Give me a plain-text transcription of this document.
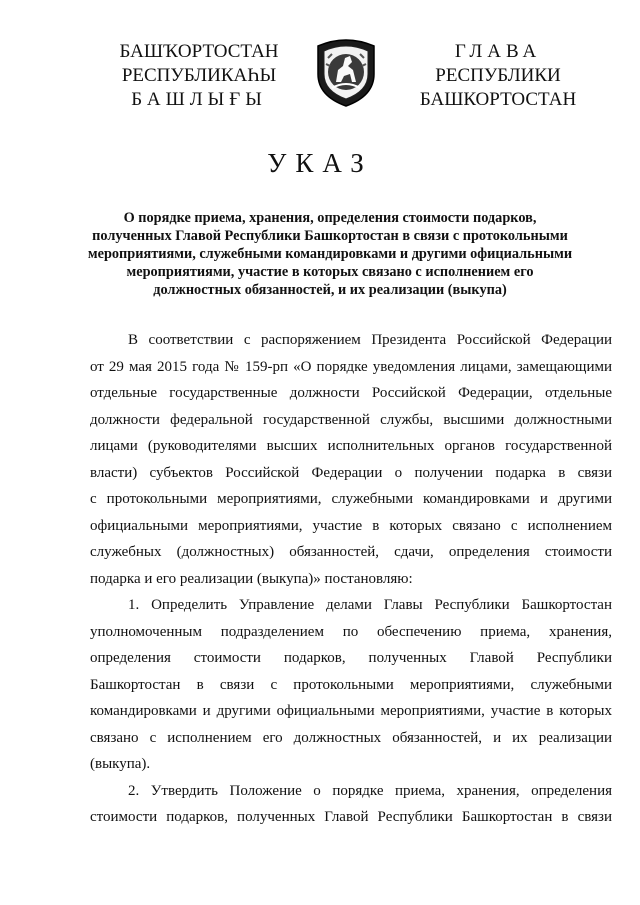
БАШҠОРТОСТАН
РЕСПУБЛИКАҺЫ
БАШЛЫҒЫ
ГЛАВА
РЕСПУБЛИКИ
БАШКОРТОСТАН
УКАЗ
О порядке приема, хранения, определения стоимости подарков,
полученных Главой Республики Башкортостан в связи с протокольными
мероприятиями, служебными командировками и другими официальными
мероприятиями, участие в которых связано с исполнением его
должностных обязанностей, и их реализации (выкупа)
В соответствии с распоряжением Президента Российской Федерации
от 29 мая 2015 года № 159-рп «О порядке уведомления лицами, замещающими
отдельные государственные должности Российской Федерации, отдельные
должности федеральной государственной службы, высшими должностными
лицами (руководителями высших исполнительных органов государственной
власти) субъектов Российской Федерации о получении подарка в связи
с протокольными мероприятиями, служебными командировками и другими
официальными мероприятиями, участие в которых связано с исполнением
служебных (должностных) обязанностей, сдачи, определения стоимости
подарка и его реализации (выкупа)» постановляю:
1. Определить Управление делами Главы Республики Башкортостан
уполномоченным подразделением по обеспечению приема, хранения,
определения стоимости подарков, полученных Главой Республики
Башкортостан в связи с протокольными мероприятиями, служебными
командировками и другими официальными мероприятиями, участие в которых
связано с исполнением его должностных обязанностей, и их реализации
(выкупа).
2. Утвердить Положение о порядке приема, хранения, определения
стоимости подарков, полученных Главой Республики Башкортостан в связи
